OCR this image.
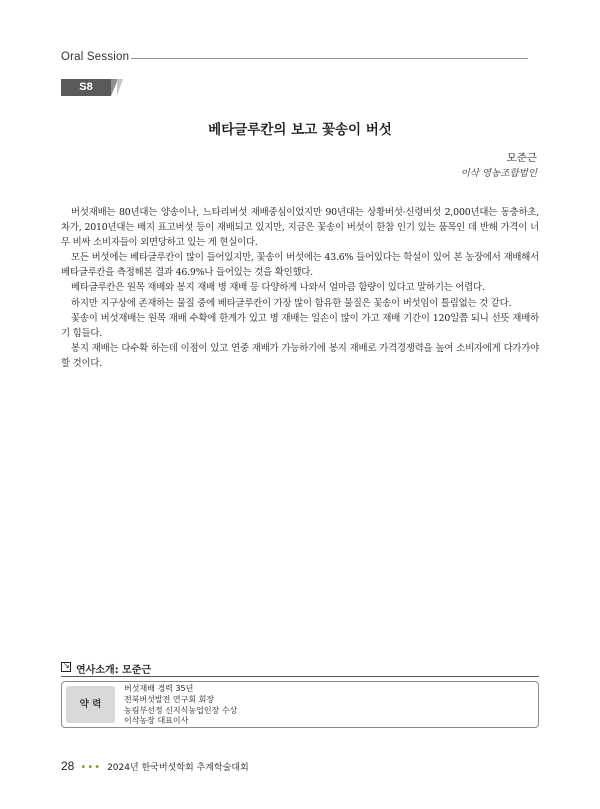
Oral Session
S8
베타글루칸의 보고 꽃송이 버섯
모준근
이삭 영농조합법인

버섯재배는 80년대는 양송이나, 느타리버섯 재배중심이었지만 90년대는 상황버섯·신령버섯 2,000년대는 동충하초, 차가, 2010년대는 배지 표고버섯 등이 재배되고 있지만, 지금은 꽃송이 버섯이 한참 인기 있는 품목인 데 반해 가격이 너무 비싸 소비자들이 외면당하고 있는 게 현실이다.

모든 버섯에는 베타글루칸이 많이 들어있지만, 꽃송이 버섯에는 43.6% 들어있다는 학설이 있어 본 농장에서 재배해서 베타글루칸을 측정해본 결과 46.9%나 들어있는 것을 확인했다.

베타글루칸은 원목 재배와 봉지 재배 병 재배 등 다양하게 나와서 얼마큼 함량이 있다고 말하기는 어렵다.

하지만 지구상에 존재하는 물질 중에 베타글루칸이 가장 많이 함유한 물질은 꽃송이 버섯임이 틀림없는 것 같다.

꽃송이 버섯재배는 원목 재배 수확에 한계가 있고 병 재배는 일손이 많이 가고 재배 기간이 120일쯤 되니 선뜻 재배하기 힘들다.

봉지 재배는 다수확 하는데 이점이 있고 연중 재배가 가능하기에 봉지 재배로 가격경쟁력을 높여 소비자에게 다가가야 할 것이다.

↘ 연사소개: 모준근
약 력
버섯재배 경력 35년
전북버섯발전 연구회 회장
농림부선정 신지식농업인장 수상
이삭농장 대표이사
28 ••• 2024년 한국버섯학회 추계학술대회
